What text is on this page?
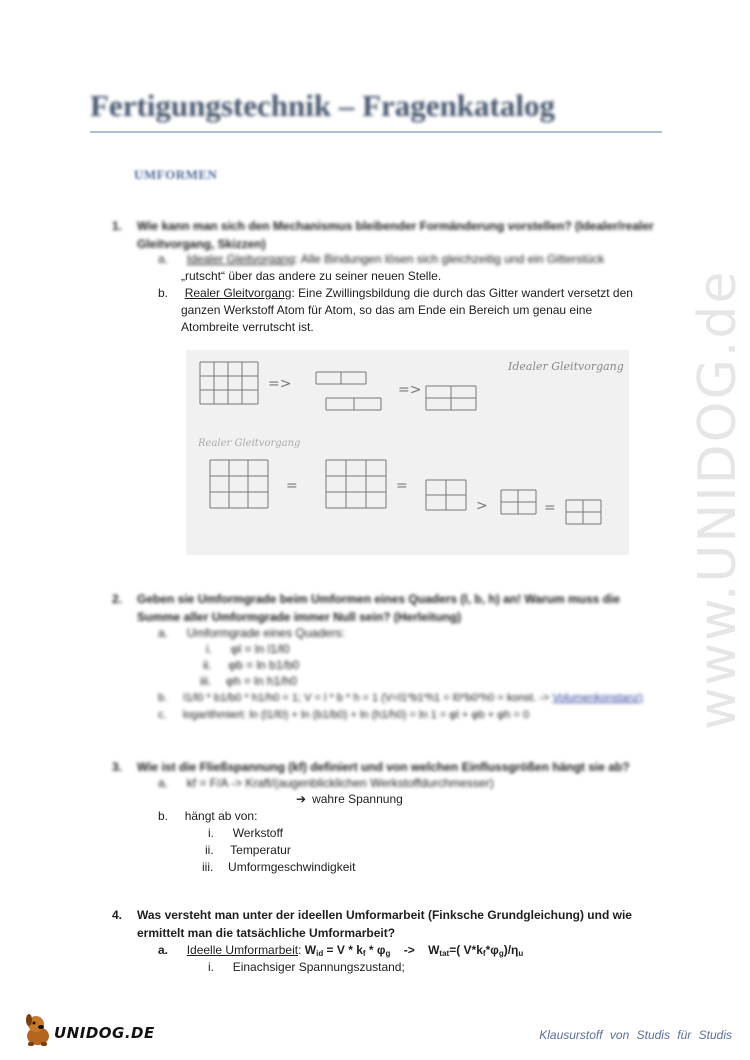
www.UNIDOG.de
Fertigungstechnik – Fragenkatalog
UMFORMEN
1. Wie kann man sich den Mechanismus bleibender Formänderung vorstellen? (Idealer/realer
Gleitvorgang, Skizzen)
a. Idealer Gleitvorgang: Alle Bindungen lösen sich gleichzeitig und ein Gitterstück
„rutscht“ über das andere zu seiner neuen Stelle.
b. Realer Gleitvorgang: Eine Zwillingsbildung die durch das Gitter wandert versetzt den
ganzen Werkstoff Atom für Atom, so das am Ende ein Bereich um genau eine
Atombreite verrutscht ist.
=>	=>
=	=
>	=
Idealer Gleitvorgang
Realer Gleitvorgang
2. Geben sie Umformgrade beim Umformen eines Quaders (l, b, h) an! Warum muss die
Summe aller Umformgrade immer Null sein? (Herleitung)
a. Umformgrade eines Quaders:
i. φl = ln l1/l0
ii. φb = ln b1/b0
iii. φh = ln h1/h0
b. l1/l0 * b1/b0 * h1/h0 = 1; V = l * b * h = 1 (V=l1*b1*h1 = l0*b0*h0 = konst. -> Volumenkonstanz)
c. logarithmiert: ln (l1/l0) + ln (b1/b0) + ln (h1/h0) = ln 1 = φl + φb + φh = 0
3. Wie ist die Fließspannung (kf) definiert und von welchen Einflussgrößen hängt sie ab?
a. kf = F/A -> Kraft/(augenblicklichen Werkstoffdurchmesser)
➔ wahre Spannung
b. hängt ab von:
i. Werkstoff
ii. Temperatur
iii. Umformgeschwindigkeit
4. Was versteht man unter der ideellen Umformarbeit (Finksche Grundgleichung) und wie
ermittelt man die tatsächliche Umformarbeit?
a. Ideelle Umformarbeit: $W_{id} = V * k_f * \varphi_g$    ->    $W_{tat}=$( $V*k_f*\varphi_g)/\eta_u$
i. Einachsiger Spannungszustand;
UNIDOG.DE	Klausurstoff von Studis für Studis
